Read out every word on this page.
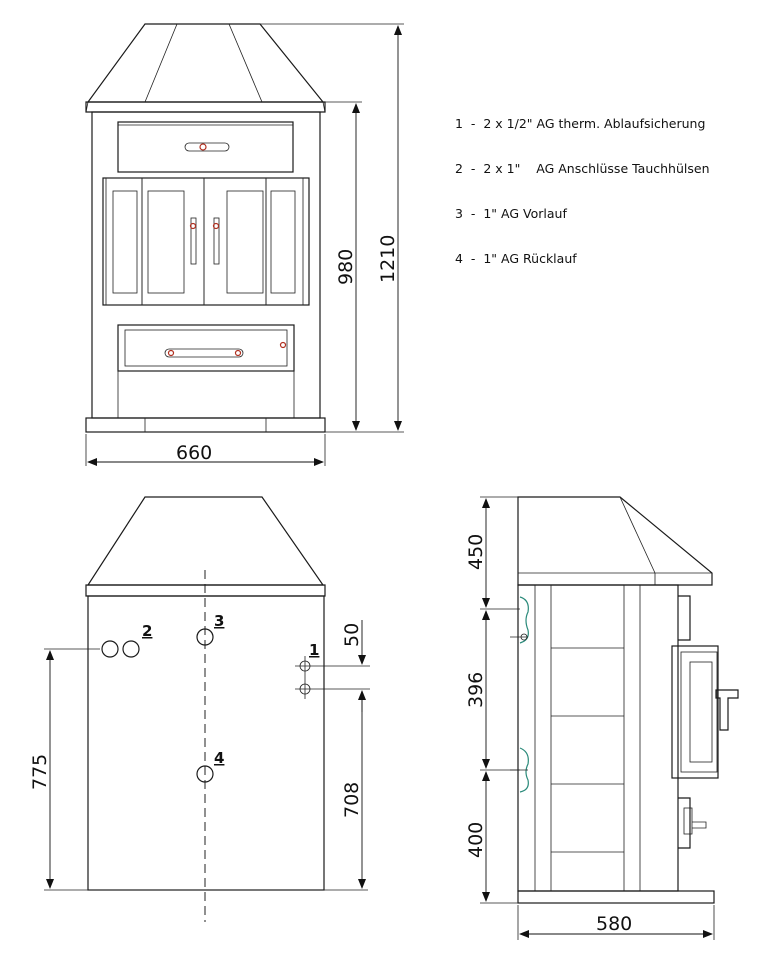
1  -  2 x 1/2" AG therm. Ablaufsicherung

2  -  2 x 1"    AG Anschlüsse Tauchhülsen

3  -  1" AG Vorlauf

4  -  1" AG Rücklauf

660
980 1210
2
3
1
4
775
50
708
450
396
400
580
